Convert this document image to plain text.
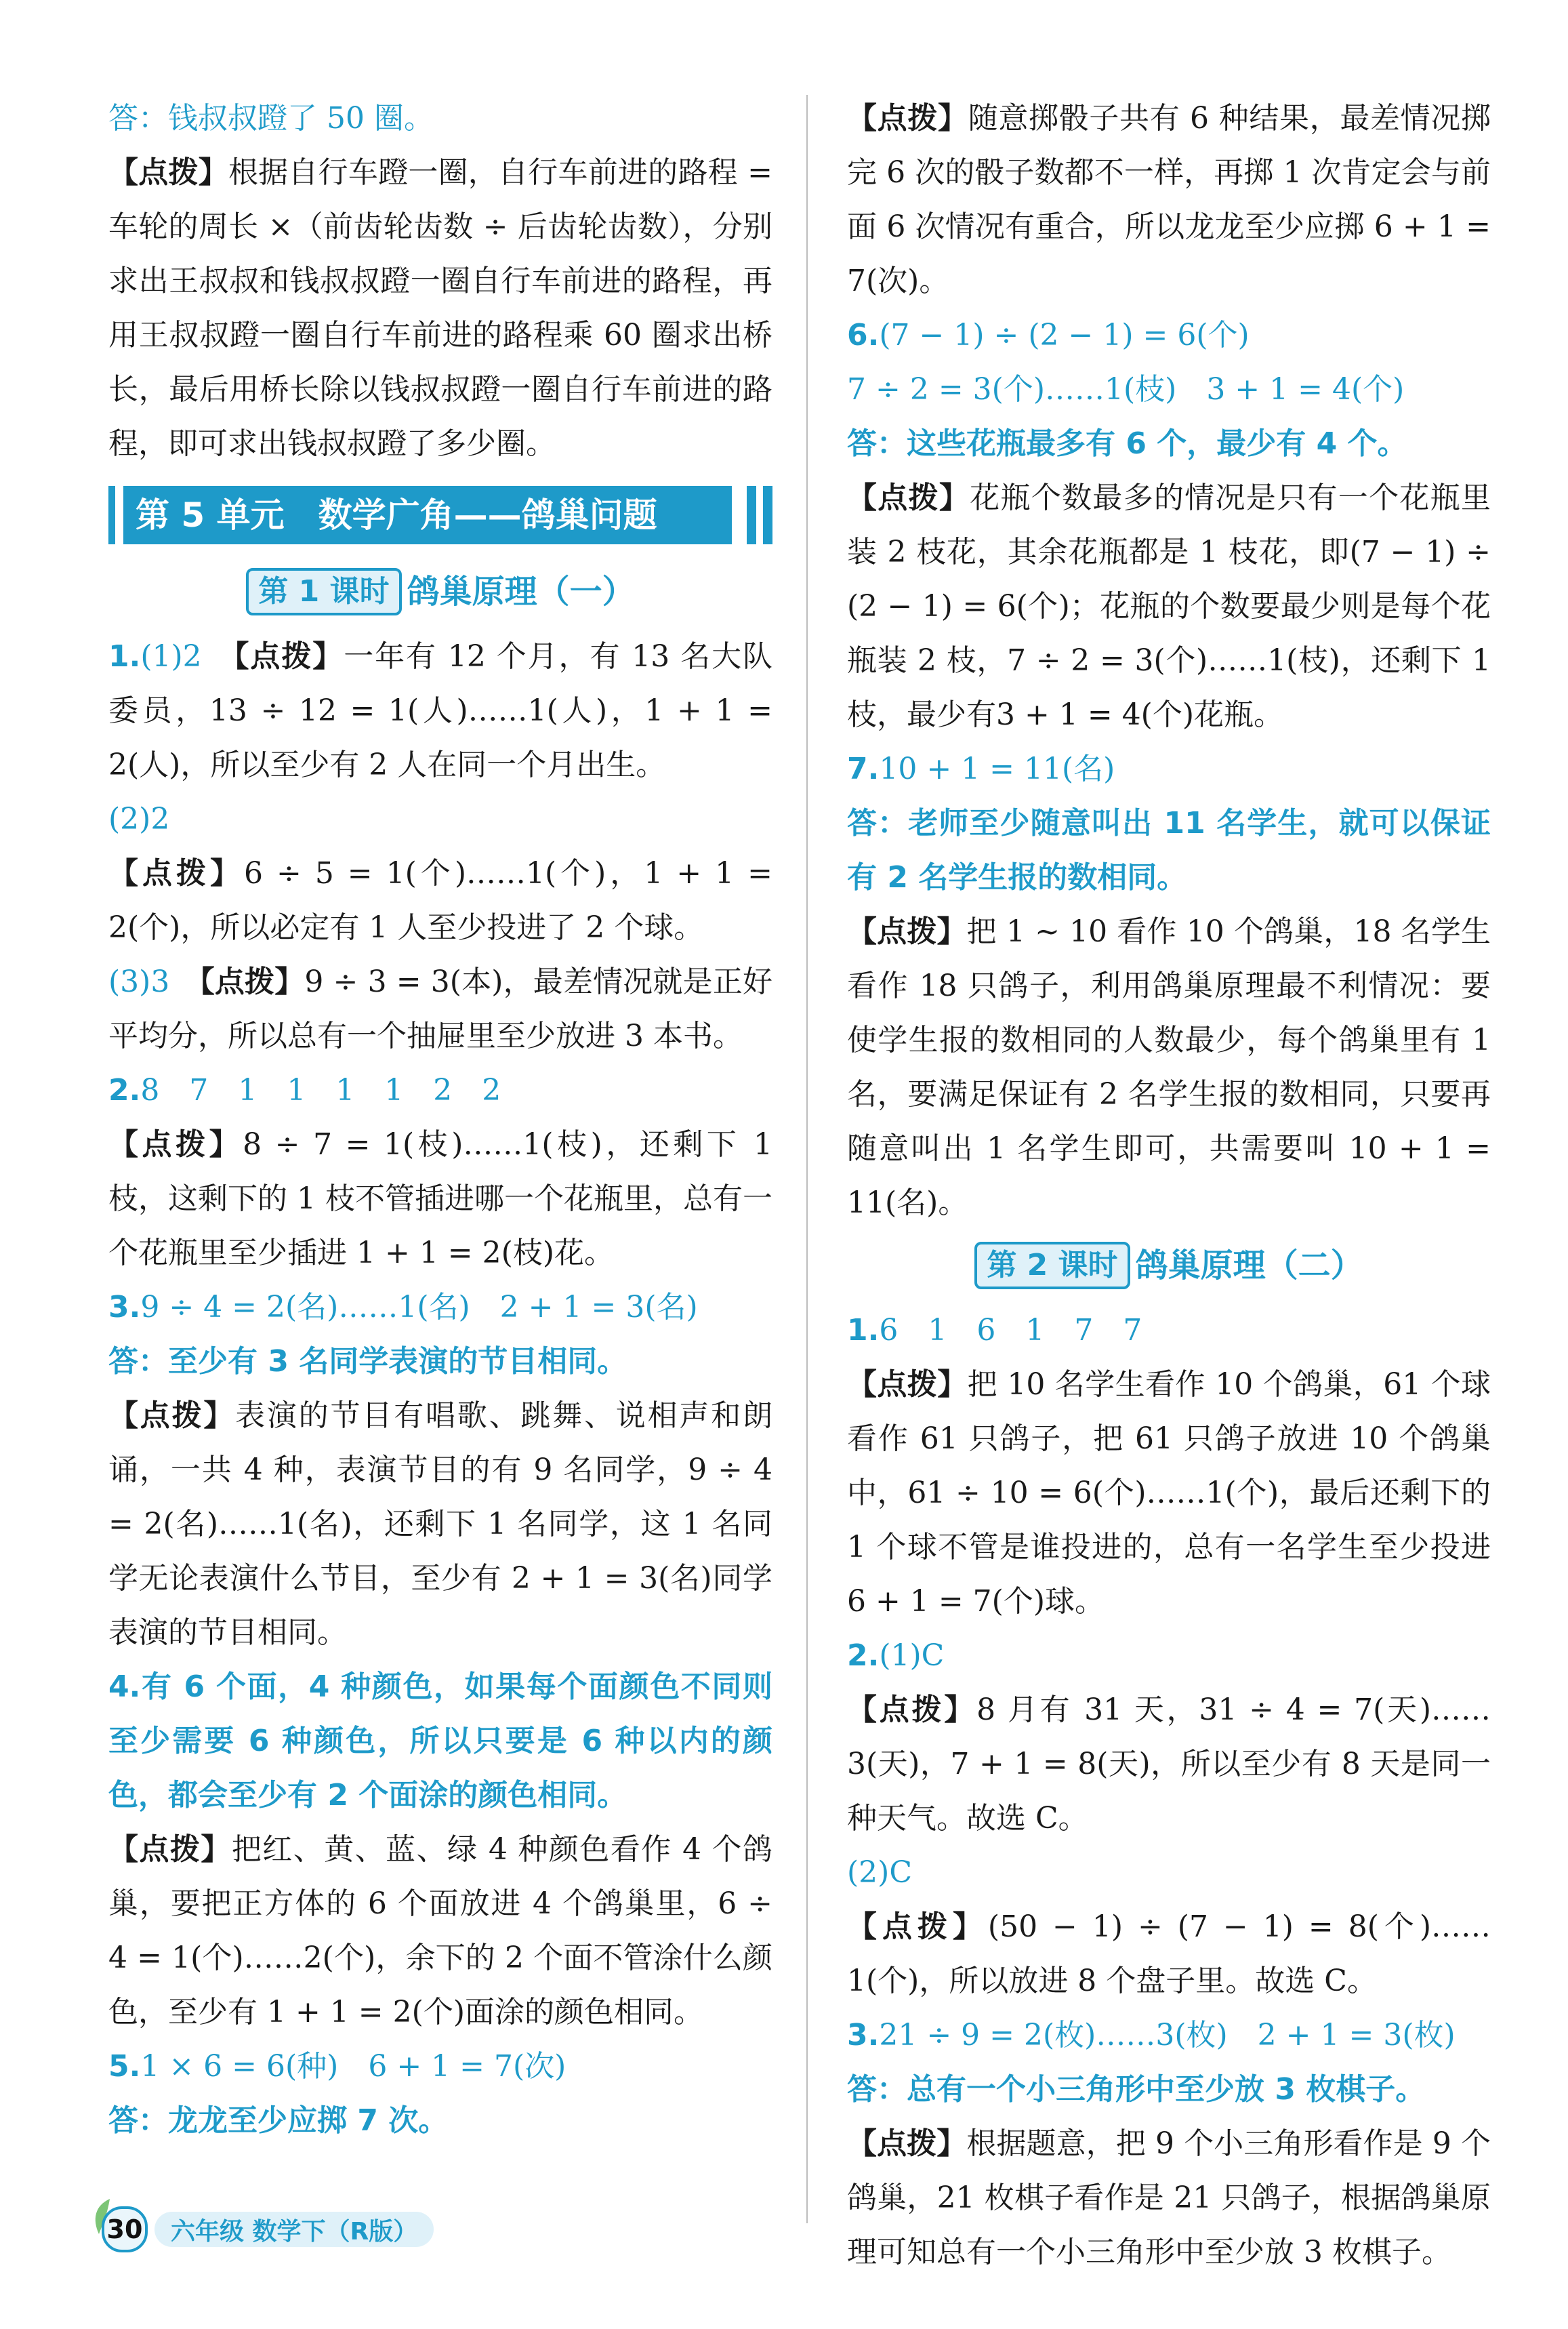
答：钱叔叔蹬了 50 圈。

【点拨】根据自行车蹬一圈，自行车前进的路程 = 车轮的周长 ×（前齿轮齿数 ÷ 后齿轮齿数），分别求出王叔叔和钱叔叔蹬一圈自行车前进的路程，再用王叔叔蹬一圈自行车前进的路程乘 60 圈求出桥长，最后用桥长除以钱叔叔蹬一圈自行车前进的路程，即可求出钱叔叔蹬了多少圈。

第 5 单元　数学广角——鸽巢问题
第 1 课时 鸽巢原理（一）

1.(1)2　 【点拨】一年有 12 个月，有 13 名大队委员，13 ÷ 12 = 1(人)……1(人)，1 + 1 = 2(人)，所以至少有 2 人在同一个月出生。

(2)2

【点拨】6 ÷ 5 = 1(个)……1(个)，1 + 1 = 2(个)，所以必定有 1 人至少投进了 2 个球。

(3)3　 【点拨】9 ÷ 3 = 3(本)，最差情况就是正好平均分，所以总有一个抽屉里至少放进 3 本书。

2.8　7　1　1　1　1　2　2

【点拨】8 ÷ 7 = 1(枝)……1(枝)，还剩下 1 枝，这剩下的 1 枝不管插进哪一个花瓶里，总有一个花瓶里至少插进 1 + 1 = 2(枝)花。

3.9 ÷ 4 = 2(名)……1(名)　2 + 1 = 3(名)

答：至少有 3 名同学表演的节目相同。

【点拨】表演的节目有唱歌、跳舞、说相声和朗诵，一共 4 种，表演节目的有 9 名同学，9 ÷ 4 = 2(名)……1(名)，还剩下 1 名同学，这 1 名同学无论表演什么节目，至少有 2 + 1 = 3(名)同学表演的节目相同。

4.有 6 个面，4 种颜色，如果每个面颜色不同则至少需要 6 种颜色，所以只要是 6 种以内的颜色，都会至少有 2 个面涂的颜色相同。

【点拨】把红、黄、蓝、绿 4 种颜色看作 4 个鸽巢，要把正方体的 6 个面放进 4 个鸽巢里，6 ÷ 4 = 1(个)……2(个)，余下的 2 个面不管涂什么颜色，至少有 1 + 1 = 2(个)面涂的颜色相同。

5.1 × 6 = 6(种)　6 + 1 = 7(次)

答：龙龙至少应掷 7 次。

【点拨】随意掷骰子共有 6 种结果，最差情况掷完 6 次的骰子数都不一样，再掷 1 次肯定会与前面 6 次情况有重合，所以龙龙至少应掷 6 + 1 = 7(次)。

6.(7 − 1) ÷ (2 − 1) = 6(个)

7 ÷ 2 = 3(个)……1(枝)　3 + 1 = 4(个)

答：这些花瓶最多有 6 个，最少有 4 个。

【点拨】花瓶个数最多的情况是只有一个花瓶里装 2 枝花，其余花瓶都是 1 枝花，即(7 − 1) ÷ (2 − 1) = 6(个)；花瓶的个数要最少则是每个花瓶装 2 枝，7 ÷ 2 = 3(个)……1(枝)，还剩下 1 枝，最少有3 + 1 = 4(个)花瓶。

7.10 + 1 = 11(名)

答：老师至少随意叫出 11 名学生，就可以保证有 2 名学生报的数相同。

【点拨】把 1 ~ 10 看作 10 个鸽巢，18 名学生看作 18 只鸽子，利用鸽巢原理最不利情况：要使学生报的数相同的人数最少，每个鸽巢里有 1 名，要满足保证有 2 名学生报的数相同，只要再随意叫出 1 名学生即可，共需要叫 10 + 1 = 11(名)。

第 2 课时 鸽巢原理（二）

1.6　1　6　1　7　7

【点拨】把 10 名学生看作 10 个鸽巢，61 个球看作 61 只鸽子，把 61 只鸽子放进 10 个鸽巢中，61 ÷ 10 = 6(个)……1(个)，最后还剩下的 1 个球不管是谁投进的，总有一名学生至少投进 6 + 1 = 7(个)球。

2.(1)C

【点拨】8 月有 31 天，31 ÷ 4 = 7(天)……3(天)，7 + 1 = 8(天)，所以至少有 8 天是同一种天气。故选 C。

(2)C

【点拨】(50 − 1) ÷ (7 − 1) = 8(个)……1(个)，所以放进 8 个盘子里。故选 C。

3.21 ÷ 9 = 2(枚)……3(枚)　2 + 1 = 3(枚)

答：总有一个小三角形中至少放 3 枚棋子。

【点拨】根据题意，把 9 个小三角形看作是 9 个鸽巢，21 枚棋子看作是 21 只鸽子，根据鸽巢原理可知总有一个小三角形中至少放 3 枚棋子。

30	六年级 数学下（R版）
